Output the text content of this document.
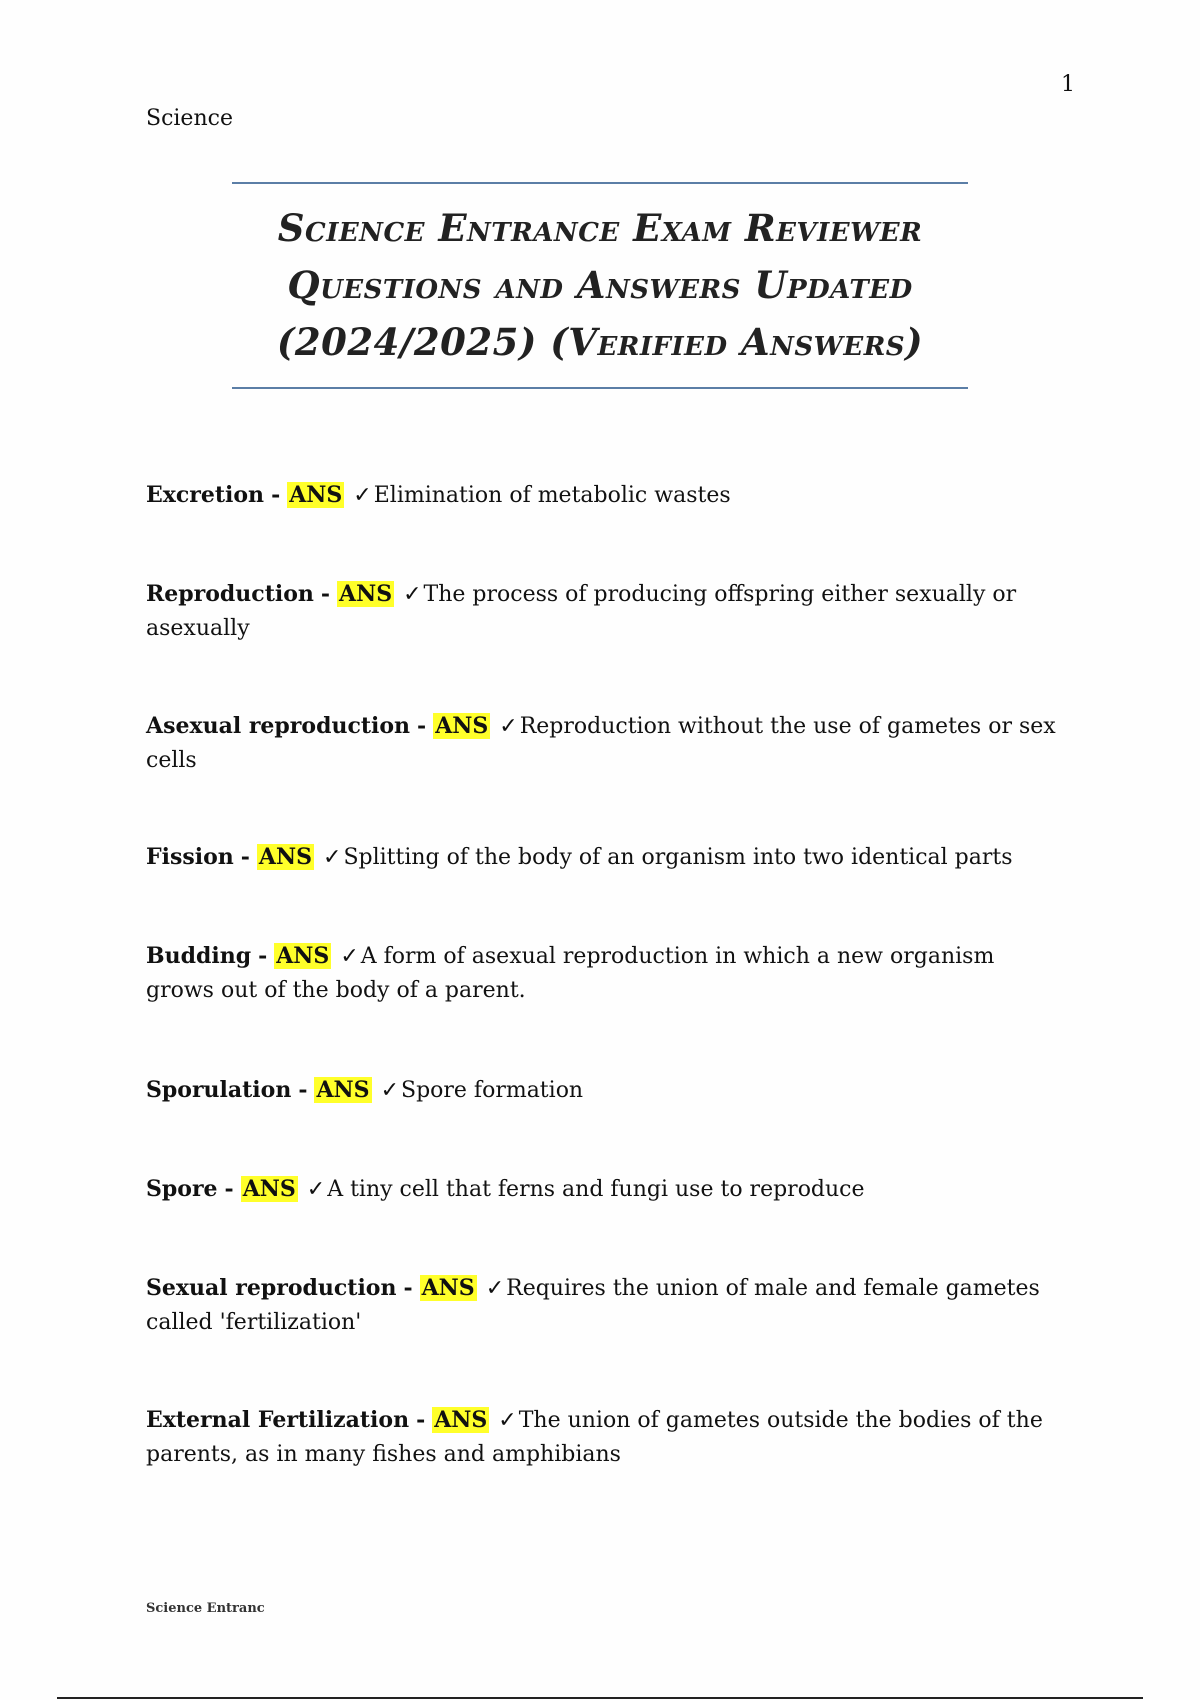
1
Science
Science Entrance Exam Reviewer
Questions and Answers Updated
(2024/2025) (Verified Answers)
Excretion - ANS ✓Elimination of metabolic wastes
Reproduction - ANS ✓The process of producing offspring either sexually or asexually
Asexual reproduction - ANS ✓Reproduction without the use of gametes or sex cells
Fission - ANS ✓Splitting of the body of an organism into two identical parts
Budding - ANS ✓A form of asexual reproduction in which a new organism grows out of the body of a parent.
Sporulation - ANS ✓Spore formation
Spore - ANS ✓A tiny cell that ferns and fungi use to reproduce
Sexual reproduction - ANS ✓Requires the union of male and female gametes called 'fertilization'
External Fertilization - ANS ✓The union of gametes outside the bodies of the parents, as in many fishes and amphibians
Science Entranc
